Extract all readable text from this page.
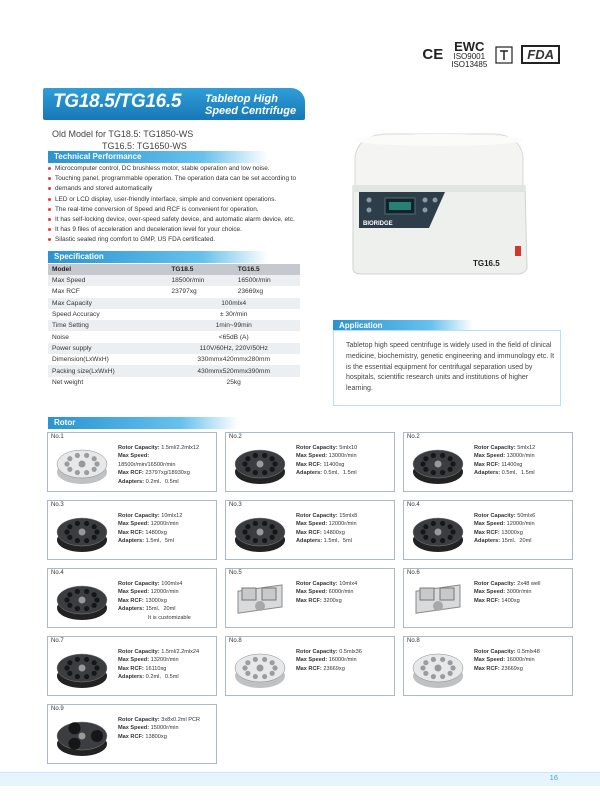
CE EWC
ISO9001
ISO13485
FDA
TG18.5/TG16.5 Tabletop High
Speed Centrifuge
Old Model for TG18.5: TG1850-WS
TG16.5: TG1650-WS
BIORIDGE
TG16.5
Technical Performance
Microcomputer control, DC brushless motor, stable operation and low noise.
Touching panel, programmable operation. The operation data can be set according to
demands and stored automatically
LED or LCD display, user-friendly interface, simple and convenient operations.
The real-time conversion of Speed and RCF is convenient for operation.
It has self-locking device, over-speed safety device, and automatic alarm device, etc.
It has 9 files of acceleration and deceleration level for your choice.
Silastic sealed ring comfort to GMP, US FDA certificated.
Specification
Model	TG18.5	TG16.5
Max Speed	18500r/min	16500r/min
Max RCF	23797xg	23669xg
Max Capacity	100mlx4	
Speed Accuracy	± 30r/min	
Time Setting	1min~99min	
Noise	<65dB (A)	
Power supply	110V/60Hz, 220V/50Hz	
Dimension(LxWxH)	330mmx420mmx280mm	
Packing size(LxWxH)	430mmx520mmx390mm	
Net weight	25kg	
Application
Tabletop high speed centrifuge is widely used in the field of clinical medicine, biochemistry, genetic engineering and immunology etc. It is the essential equipment for centrifugal separation used by hospitals, scientific research units and institutions of higher learning.
Rotor
No.1
Rotor Capacity: 1.5ml/2.2mlx12
Max Speed:
18500r/min/16500r/min
Max RCF: 23797xg/18930xg
Adapters: 0.2ml、0.5ml
No.2
Rotor Capacity: 5mlx10
Max Speed: 13000r/min
Max RCF: 11400xg
Adapters: 0.5ml、1.5ml
No.2
Rotor Capacity: 5mlx12
Max Speed: 13000r/min
Max RCF: 11400xg
Adapters: 0.5ml、1.5ml
No.3
Rotor Capacity: 10mlx12
Max Speed: 12000r/min
Max RCF: 14800xg
Adapters: 1.5ml、5ml
No.3
Rotor Capacity: 15mlx8
Max Speed: 12000r/min
Max RCF: 14800xg
Adapters: 1.5ml、5ml
No.4
Rotor Capacity: 50mlx6
Max Speed: 12000r/min
Max RCF: 13000xg
Adapters: 15ml、20ml
No.4
Rotor Capacity: 100mlx4
Max Speed: 12000r/min
Max RCF: 13000xg
Adapters: 15ml、20ml
It is customizable
No.5
Rotor Capacity: 10mlx4
Max Speed: 6000r/min
Max RCF: 3200xg
No.6
Rotor Capacity: 2x48 well
Max Speed: 3000r/min
Max RCF: 1400xg
No.7
Rotor Capacity: 1.5ml/2.2mlx24
Max Speed: 13200r/min
Max RCF: 16110xg
Adapters: 0.2ml、0.5ml
No.8
Rotor Capacity: 0.5mlx36
Max Speed: 16000r/min
Max RCF: 23669xg
No.8
Rotor Capacity: 0.5mlx48
Max Speed: 16000r/min
Max RCF: 23669xg
No.9
Rotor Capacity: 3x8x0.2ml PCR
Max Speed: 15000r/min
Max RCF: 13800xg
16
